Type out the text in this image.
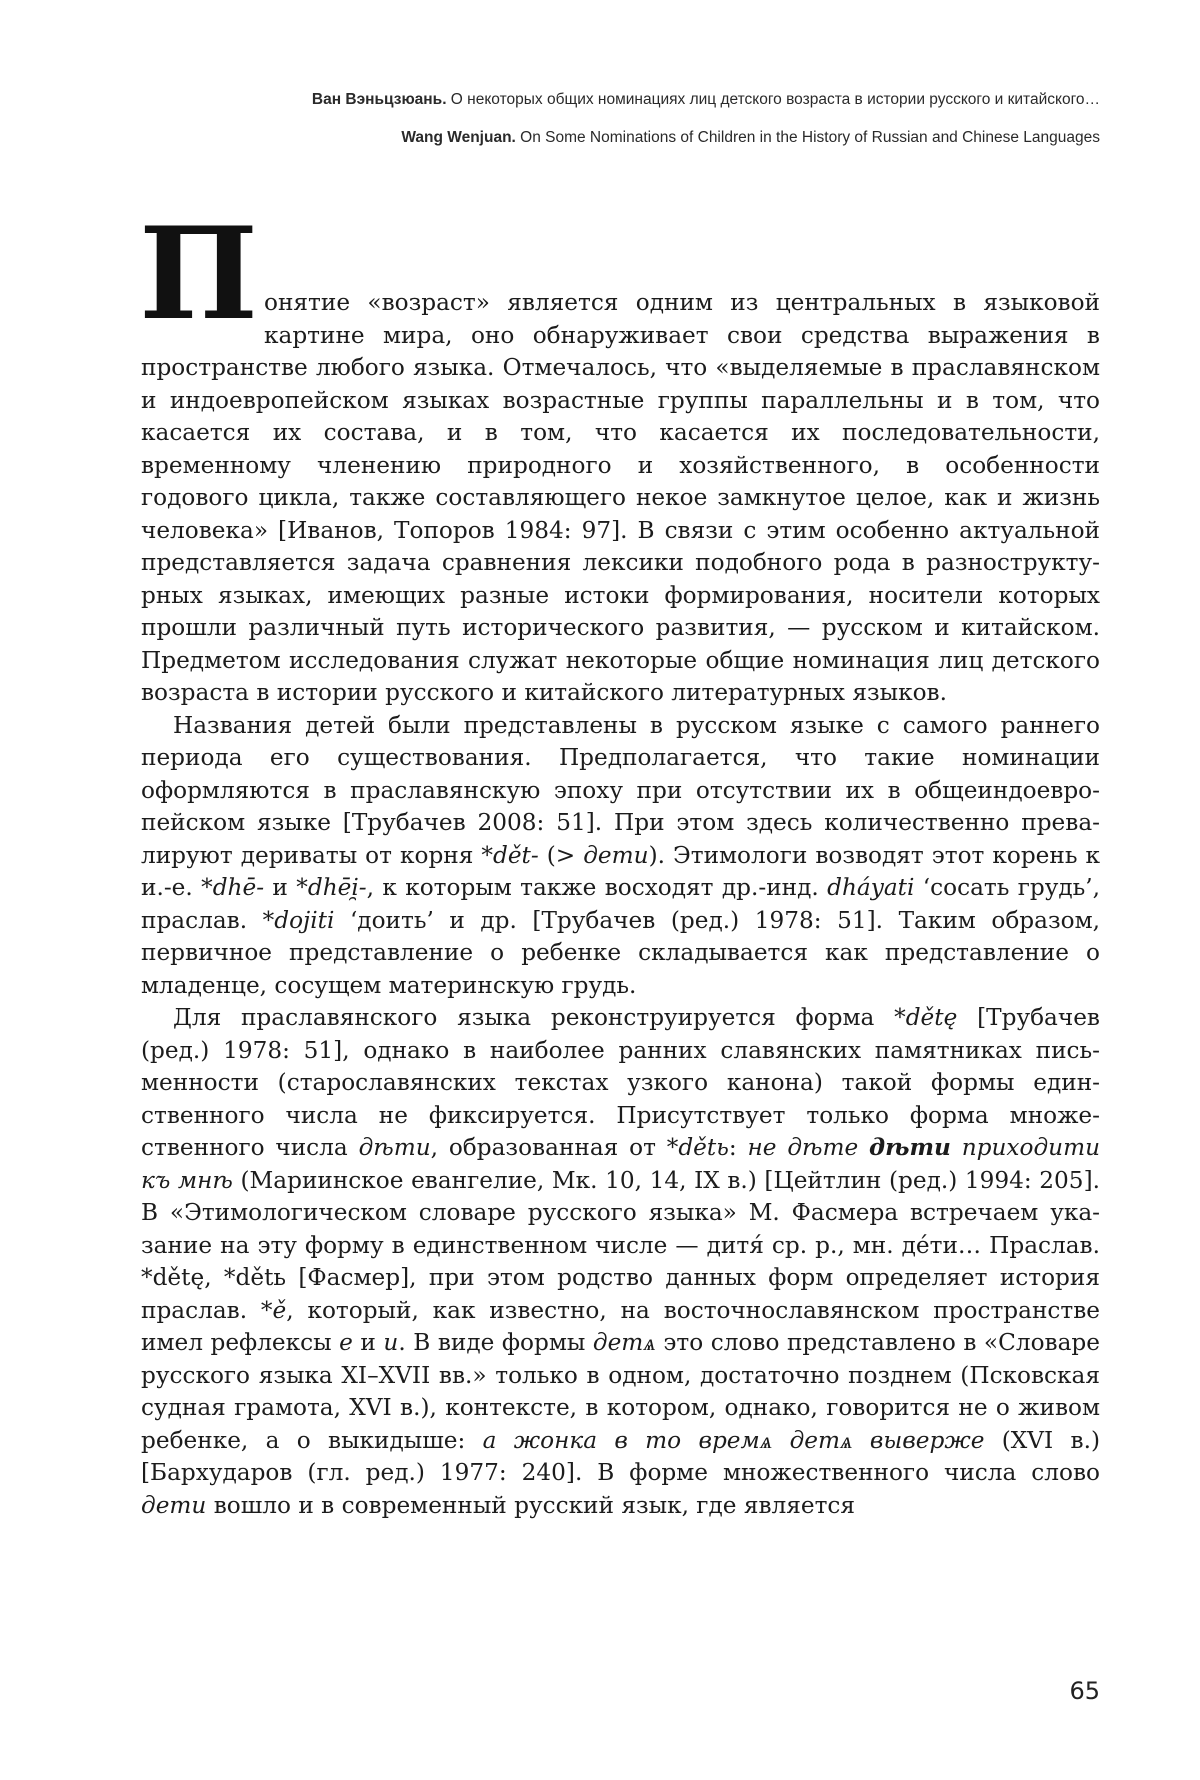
Ван Вэньцзюань. О некоторых общих номинациях лиц детского возраста в истории русского и китайского…
Wang Wenjuan. On Some Nominations of Children in the History of Russian and Chinese Languages

Понятие «возраст» является одним из центральных в языковой картине мира, оно обнаруживает свои средства выражения в пространстве любого языка. Отмечалось, что «выделяемые в праславянском и индоевропейском языках возрастные группы параллельны и в том, что касается их состава, и в том, что касается их последовательности, временному членению природного и хозяйственного, в особенности годового цикла, также составляющего некое замкнутое целое, как и жизнь человека» [Иванов, Топоров 1984: 97]. В связи с этим особенно актуальной представляется задача сравнения лексики подобного рода в разноструктурных языках, имеющих разные истоки формирования, носители которых прошли различный путь исторического развития, — русском и китайском. Предметом исследования служат некоторые общие номинация лиц детского возраста в истории русского и китайского литературных языков.

Названия детей были представлены в русском языке с самого раннего периода его существования. Предполагается, что такие номинации оформляются в праславянскую эпоху при отсутствии их в общеиндоевропейском языке [Трубачев 2008: 51]. При этом здесь количественно превалируют дериваты от корня *dět- (> дети). Этимологи возводят этот корень к и.-е. *dhē- и *dhēi̯-, к которым также восходят др.-инд. dháyati ‘сосать грудь’, праслав. *dojiti ‘доить’ и др. [Трубачев (ред.) 1978: 51]. Таким образом, первичное представление о ребенке складывается как представление о младенце, сосущем материнскую грудь.

Для праславянского языка реконструируется форма *dětę [Трубачев (ред.) 1978: 51], однако в наиболее ранних славянских памятниках письменности (старославянских текстах узкого канона) такой формы единственного числа не фиксируется. Присутствует только форма множественного числа дѣти, образованная от *dětь: не дѣте дѣти приходити къ мнѣ (Мариинское евангелие, Мк. 10, 14, IX в.) [Цейтлин (ред.) 1994: 205]. В «Этимологическом словаре русского языка» М. Фасмера встречаем указание на эту форму в единственном числе — дитя́ ср. р., мн. де́ти… Праслав. *dětę, *dětь [Фасмер], при этом родство данных форм определяет история праслав. *ě, который, как известно, на восточнославянском пространстве имел рефлексы е и и. В виде формы детѧ это слово представлено в «Словаре русского языка XI–XVII вв.» только в одном, достаточно позднем (Псковская судная грамота, XVI в.), контексте, в котором, однако, говорится не о живом ребенке, а о выкидыше: а жонка в то времѧ детѧ выверже (XVI в.) [Бархударов (гл. ред.) 1977: 240]. В форме множественного числа слово дети вошло и в современный русский язык, где является

65
